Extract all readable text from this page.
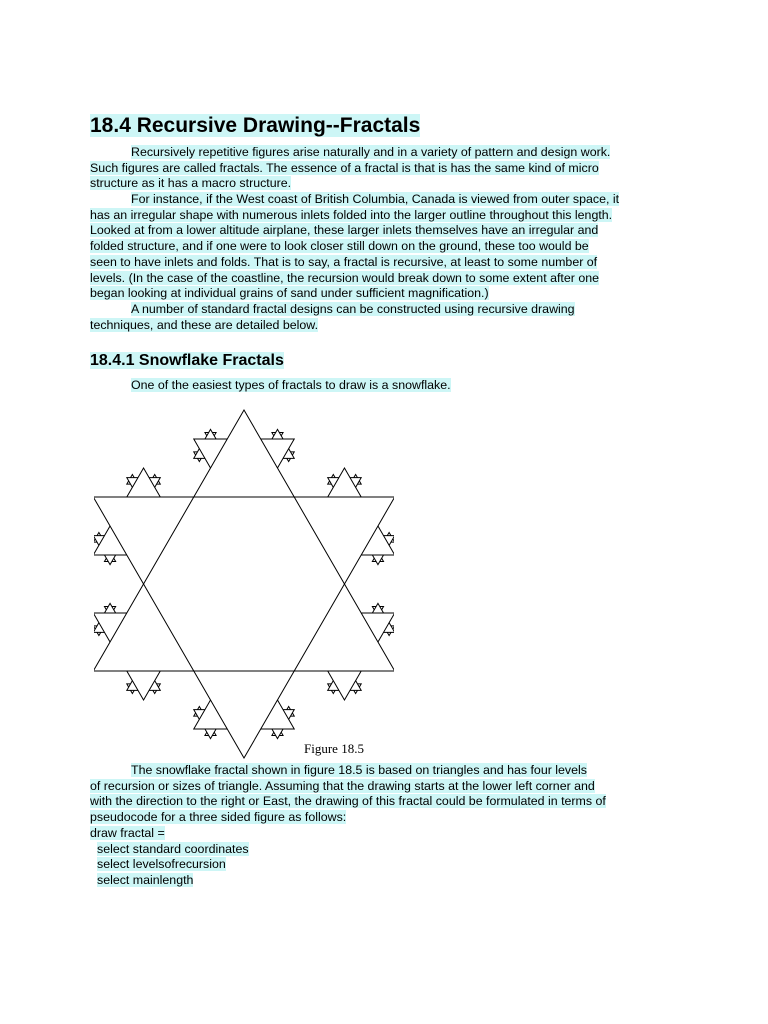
18.4 Recursive Drawing--Fractals

Recursively repetitive figures arise naturally and in a variety of pattern and design work.
Such figures are called fractals. The essence of a fractal is that is has the same kind of micro
structure as it has a macro structure.

For instance, if the West coast of British Columbia, Canada is viewed from outer space, it
has an irregular shape with numerous inlets folded into the larger outline throughout this length.
Looked at from a lower altitude airplane, these larger inlets themselves have an irregular and
folded structure, and if one were to look closer still down on the ground, these too would be
seen to have inlets and folds. That is to say, a fractal is recursive, at least to some number of
levels. (In the case of the coastline, the recursion would break down to some extent after one
began looking at individual grains of sand under sufficient magnification.)

A number of standard fractal designs can be constructed using recursive drawing
techniques, and these are detailed below.

18.4.1 Snowflake Fractals

One of the easiest types of fractals to draw is a snowflake.

Figure 18.5

The snowflake fractal shown in figure 18.5 is based on triangles and has four levels
of recursion or sizes of triangle. Assuming that the drawing starts at the lower left corner and
with the direction to the right or East, the drawing of this fractal could be formulated in terms of
pseudocode for a three sided figure as follows:
draw fractal =
select standard coordinates
select levelsofrecursion
select mainlength
